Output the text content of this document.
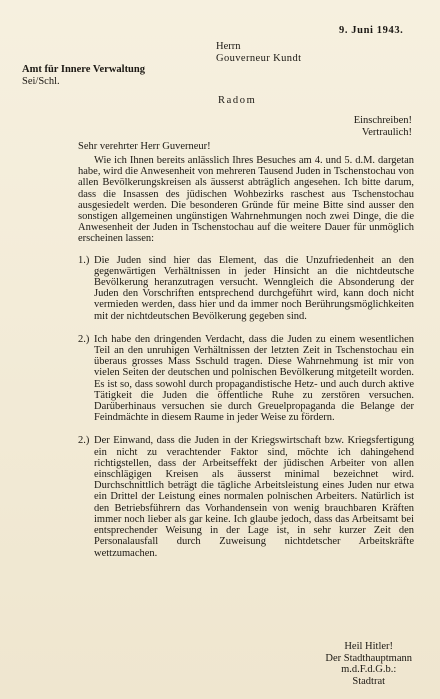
9. Juni 1943.
Herrn
Gouverneur Kundt
Amt für Innere Verwaltung
Sei/Schl.
Radom
Einschreiben!
Vertraulich!
Sehr verehrter Herr Guverneur!

Wie ich Ihnen bereits anlässlich Ihres Besuches am 4. und 5. d.M. dargetan habe, wird die Anwesenheit von mehreren Tausend Juden in Tschenstochau von allen Bevölkerungskreisen als äusserst abträglich angesehen. Ich bitte darum, dass die Insassen des jüdischen Wohbezirks raschest aus Tschenstochau ausgesiedelt werden. Die besonderen Gründe für meine Bitte sind ausser den sonstigen allgemeinen ungünstigen Wahrnehmungen noch zwei Dinge, die die Anwesenheit der Juden in Tschenstochau auf die weitere Dauer für unmöglich erscheinen lassen:

1.) Die Juden sind hier das Element, das die Unzufriedenheit an den gegenwärtigen Verhältnissen in jeder Hinsicht an die nichtdeutsche Bevölkerung heranzutragen versucht. Wenngleich die Absonderung der Juden den Vorschriften entsprechend durchgeführt wird, kann doch nicht vermieden werden, dass hier und da immer noch Berührungsmöglichkeiten mit der nichtdeutschen Bevölkerung gegeben sind.

2.) Ich habe den dringenden Verdacht, dass die Juden zu einem wesentlichen Teil an den unruhigen Verhältnissen der letzten Zeit in Tschenstochau ein überaus grosses Mass Sschuld tragen. Diese Wahrnehmung ist mir von vielen Seiten der deutschen und polnischen Bevölkerung mitgeteilt worden. Es ist so, dass sowohl durch propagandistische Hetz- und auch durch aktive Tätigkeit die Juden die öffentliche Ruhe zu zerstören versuchen. Darüberhinaus versuchen sie durch Greuelpropaganda die Belange der Feindmächte in diesem Raume in jeder Weise zu fördern.

2.) Der Einwand, dass die Juden in der Kriegswirtschaft bzw. Kriegsfertigung ein nicht zu verachtender Faktor sind, möchte ich dahingehend richtigstellen, dass der Arbeitseffekt der jüdischen Arbeiter von allen einschlägigen Kreisen als äusserst minimal bezeichnet wird. Durchschnittlich beträgt die tägliche Arbeitsleistung eines Juden nur etwa ein Drittel der Leistung eines normalen polnischen Arbeiters. Natürlich ist den Betriebsführern das Vorhandensein von wenig brauchbaren Kräften immer noch lieber als gar keine. Ich glaube jedoch, dass das Arbeitsamt bei entsprechender Weisung in der Lage ist, in sehr kurzer Zeit den Personalausfall durch Zuweisung nichtdetscher Arbeitskräfte wettzumachen.

Heil Hitler!
Der Stadthauptmann
m.d.F.d.G.b.:
Stadtrat
